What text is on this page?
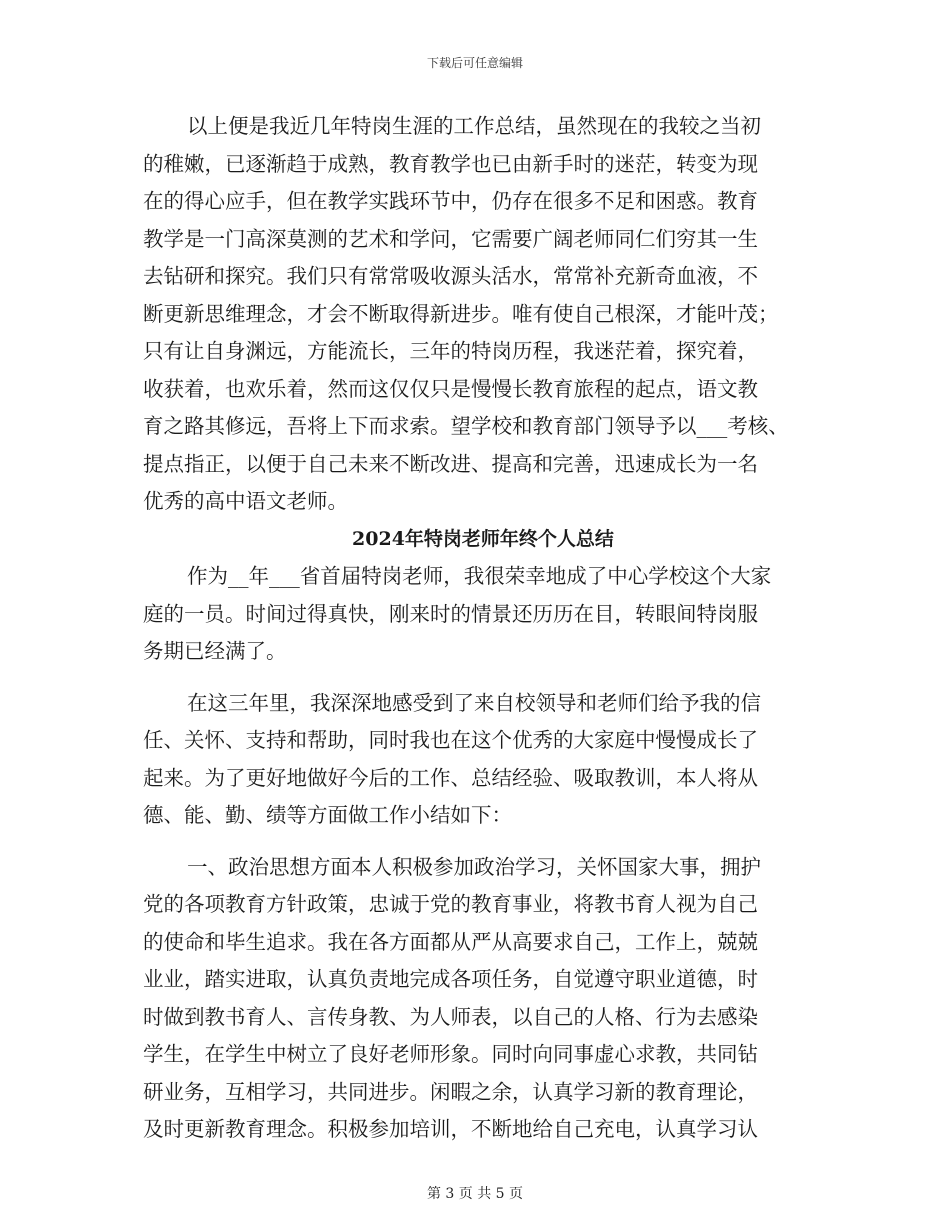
下载后可任意编辑
以上便是我近几年特岗生涯的工作总结，虽然现在的我较之当初
的稚嫩，已逐渐趋于成熟，教育教学也已由新手时的迷茫，转变为现
在的得心应手，但在教学实践环节中，仍存在很多不足和困惑。教育
教学是一门高深莫测的艺术和学问，它需要广阔老师同仁们穷其一生
去钻研和探究。我们只有常常吸收源头活水，常常补充新奇血液，不
断更新思维理念，才会不断取得新进步。唯有使自己根深，才能叶茂；
只有让自身渊远，方能流长，三年的特岗历程，我迷茫着，探究着，
收获着，也欢乐着，然而这仅仅只是慢慢长教育旅程的起点，语文教
育之路其修远，吾将上下而求索。望学校和教育部门领导予以___考核、
提点指正，以便于自己未来不断改进、提高和完善，迅速成长为一名
优秀的高中语文老师。
2024年特岗老师年终个人总结
作为__年___省首届特岗老师，我很荣幸地成了中心学校这个大家
庭的一员。时间过得真快，刚来时的情景还历历在目，转眼间特岗服
务期已经满了。
在这三年里，我深深地感受到了来自校领导和老师们给予我的信
任、关怀、支持和帮助，同时我也在这个优秀的大家庭中慢慢成长了
起来。为了更好地做好今后的工作、总结经验、吸取教训，本人将从
德、能、勤、绩等方面做工作小结如下：
一、政治思想方面本人积极参加政治学习，关怀国家大事，拥护
党的各项教育方针政策，忠诚于党的教育事业，将教书育人视为自己
的使命和毕生追求。我在各方面都从严从高要求自己，工作上，兢兢
业业，踏实进取，认真负责地完成各项任务，自觉遵守职业道德，时
时做到教书育人、言传身教、为人师表，以自己的人格、行为去感染
学生，在学生中树立了良好老师形象。同时向同事虚心求教，共同钻
研业务，互相学习，共同进步。闲暇之余，认真学习新的教育理论，
及时更新教育理念。积极参加培训，不断地给自己充电，认真学习认
第 3 页 共 5 页
